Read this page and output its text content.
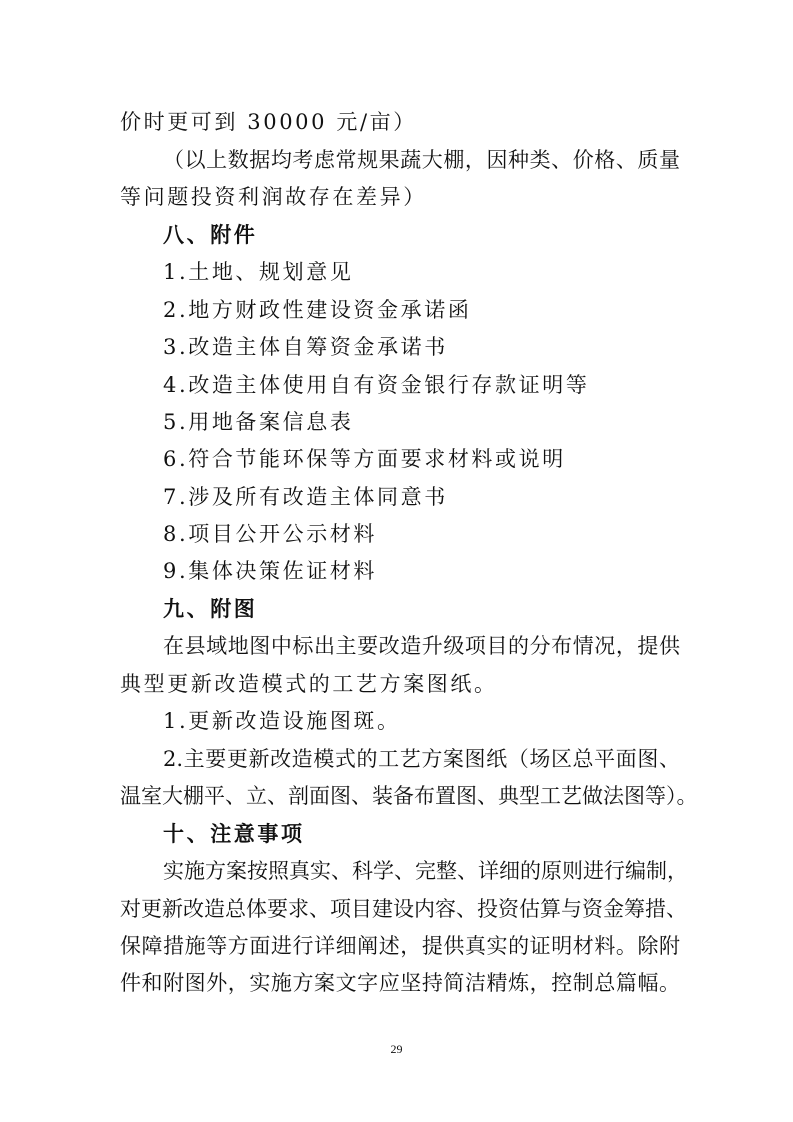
价时更可到 30000 元/亩）
（以上数据均考虑常规果蔬大棚，因种类、价格、质量
等问题投资利润故存在差异）
八、附件
1.土地、规划意见
2.地方财政性建设资金承诺函
3.改造主体自筹资金承诺书
4.改造主体使用自有资金银行存款证明等
5.用地备案信息表
6.符合节能环保等方面要求材料或说明
7.涉及所有改造主体同意书
8.项目公开公示材料
9.集体决策佐证材料
九、附图
在县域地图中标出主要改造升级项目的分布情况，提供
典型更新改造模式的工艺方案图纸。
1.更新改造设施图斑。
2.主要更新改造模式的工艺方案图纸（场区总平面图、
温室大棚平、立、剖面图、装备布置图、典型工艺做法图等）。
十、注意事项
实施方案按照真实、科学、完整、详细的原则进行编制，
对更新改造总体要求、项目建设内容、投资估算与资金筹措、
保障措施等方面进行详细阐述，提供真实的证明材料。除附
件和附图外，实施方案文字应坚持简洁精炼，控制总篇幅。
29
